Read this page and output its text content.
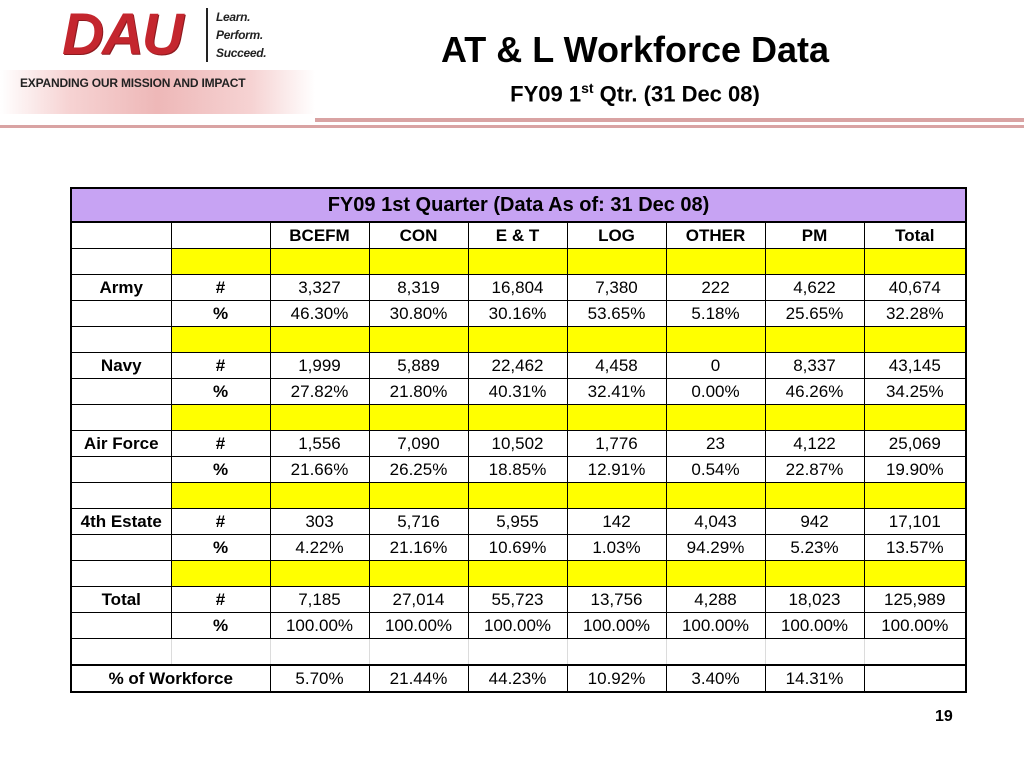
DAU	Learn.
Perform.
Succeed.
EXPANDING OUR MISSION AND IMPACT
AT & L Workforce Data
FY09 1st Qtr. (31 Dec 08)
FY09 1st Quarter (Data As of: 31 Dec 08)								
		BCEFM	CON	E & T	LOG	OTHER	PM	Total

Army	#	3,327	8,319	16,804	7,380	222	4,622	40,674
	%	46.30%	30.80%	30.16%	53.65%	5.18%	25.65%	32.28%

Navy	#	1,999	5,889	22,462	4,458	0	8,337	43,145
	%	27.82%	21.80%	40.31%	32.41%	0.00%	46.26%	34.25%

Air Force	#	1,556	7,090	10,502	1,776	23	4,122	25,069
	%	21.66%	26.25%	18.85%	12.91%	0.54%	22.87%	19.90%

4th Estate	#	303	5,716	5,955	142	4,043	942	17,101
	%	4.22%	21.16%	10.69%	1.03%	94.29%	5.23%	13.57%

Total	#	7,185	27,014	55,723	13,756	4,288	18,023	125,989
	%	100.00%	100.00%	100.00%	100.00%	100.00%	100.00%	100.00%

% of Workforce		5.70%	21.44%	44.23%	10.92%	3.40%	14.31%	
19
